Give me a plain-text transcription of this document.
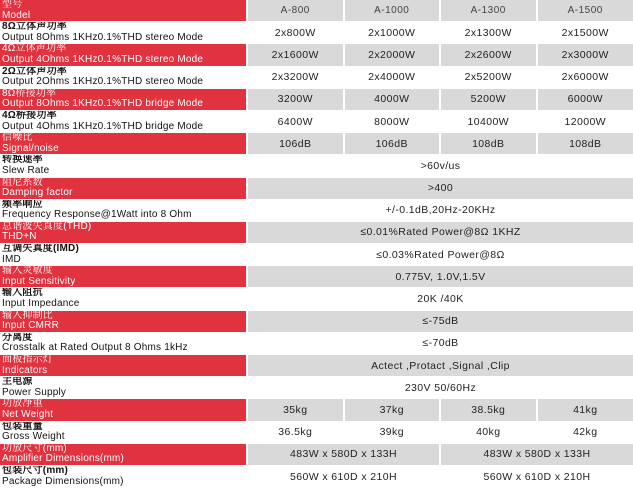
型号
Model	A-800	A-1000	A-1300	A-1500

8Ω立体声功率
Output 8Ohms 1KHz0.1%THD stereo Mode	2x800W	2x1000W	2x1300W	2x1500W

4Ω立体声功率
Output 4Ohms 1KHz0.1%THD stereo Mode	2x1600W	2x2000W	2x2600W	2x3000W

2Ω立体声功率
Output 2Ohms 1KHz0.1%THD stereo Mode	2x3200W	2x4000W	2x5200W	2x6000W

8Ω桥接功率
Output 8Ohms 1KHz0.1%THD bridge Mode	3200W	4000W	5200W	6000W

4Ω桥接功率
Output 4Ohms 1KHz0.1%THD bridge Mode	6400W	8000W	10400W	12000W

信噪比
Signal/noise	106dB	106dB	108dB	108dB

转换速率
Slew Rate	>60v/us			

阻尼系数
Damping factor	>400			

频率响应
Frequency Response@1Watt into 8 Ohm	+/-0.1dB,20Hz-20KHz			

总谐波失真度(THD)
THD+N	≤0.01%Rated Power@8Ω 1KHZ			

互调失真度(IMD)
IMD	≤0.03%Rated Power@8Ω			

输入灵敏度
Input Sensitivity	0.775V, 1.0V,1.5V			

输入阻抗
Input Impedance	20K /40K			

输入抑制比
Input CMRR	≤-75dB			

分离度
Crosstalk at Rated Output 8 Ohms 1kHz	≤-70dB			

面板指示灯
Indicators	Actect ,Protact ,Signal ,Clip			

主电源
Power Supply	230V 50/60Hz			

功放净重
Net Weight	35kg	37kg	38.5kg	41kg

包装重量
Gross Weight	36.5kg	39kg	40kg	42kg

功放尺寸(mm)
Amplifier Dimensions(mm)	483W x 580D x 133H		483W x 580D x 133H	

包装尺寸(mm)
Package Dimensions(mm)	560W x 610D x 210H		560W x 610D x 210H	
